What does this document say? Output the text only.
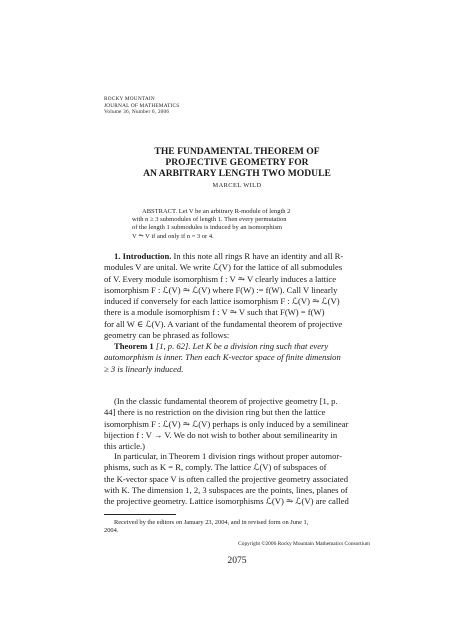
ROCKY MOUNTAIN
JOURNAL OF MATHEMATICS
Volume 36, Number 6, 2006
THE FUNDAMENTAL THEOREM OF
PROJECTIVE GEOMETRY FOR
AN ARBITRARY LENGTH TWO MODULE
MARCEL WILD
ABSTRACT. Let V be an arbitrary R-module of length 2
with n ≥ 3 submodules of length 1. Then every permutation
of the length 1 submodules is induced by an isomorphism
V ⥲ V if and only if n = 3 or 4.
1. Introduction. In this note all rings R have an identity and all R-
modules V are unital. We write ℒ(V) for the lattice of all submodules
of V. Every module isomorphism f : V ⥲ V clearly induces a lattice
isomorphism F : ℒ(V) ⥲ ℒ(V) where F(W) := f(W). Call V linearly
induced if conversely for each lattice isomorphism F : ℒ(V) ⥲ ℒ(V)
there is a module isomorphism f : V ⥲ V such that F(W) = f(W)
for all W ∈ ℒ(V). A variant of the fundamental theorem of projective
geometry can be phrased as follows:
Theorem 1 [1, p. 62]. Let K be a division ring such that every
automorphism is inner. Then each K-vector space of finite dimension
≥ 3 is linearly induced.
(In the classic fundamental theorem of projective geometry [1, p.
44] there is no restriction on the division ring but then the lattice
isomorphism F : ℒ(V) ⥲ ℒ(V) perhaps is only induced by a semilinear
bijection f : V → V. We do not wish to bother about semilinearity in
this article.)
In particular, in Theorem 1 division rings without proper automor-
phisms, such as K = R, comply. The lattice ℒ(V) of subspaces of
the K-vector space V is often called the projective geometry associated
with K. The dimension 1, 2, 3 subspaces are the points, lines, planes of
the projective geometry. Lattice isomorphisms ℒ(V) ⥲ ℒ(V) are called
Received by the editors on January 23, 2004, and in revised form on June 1,
2004.
Copyright ©2006 Rocky Mountain Mathematics Consortium
2075
